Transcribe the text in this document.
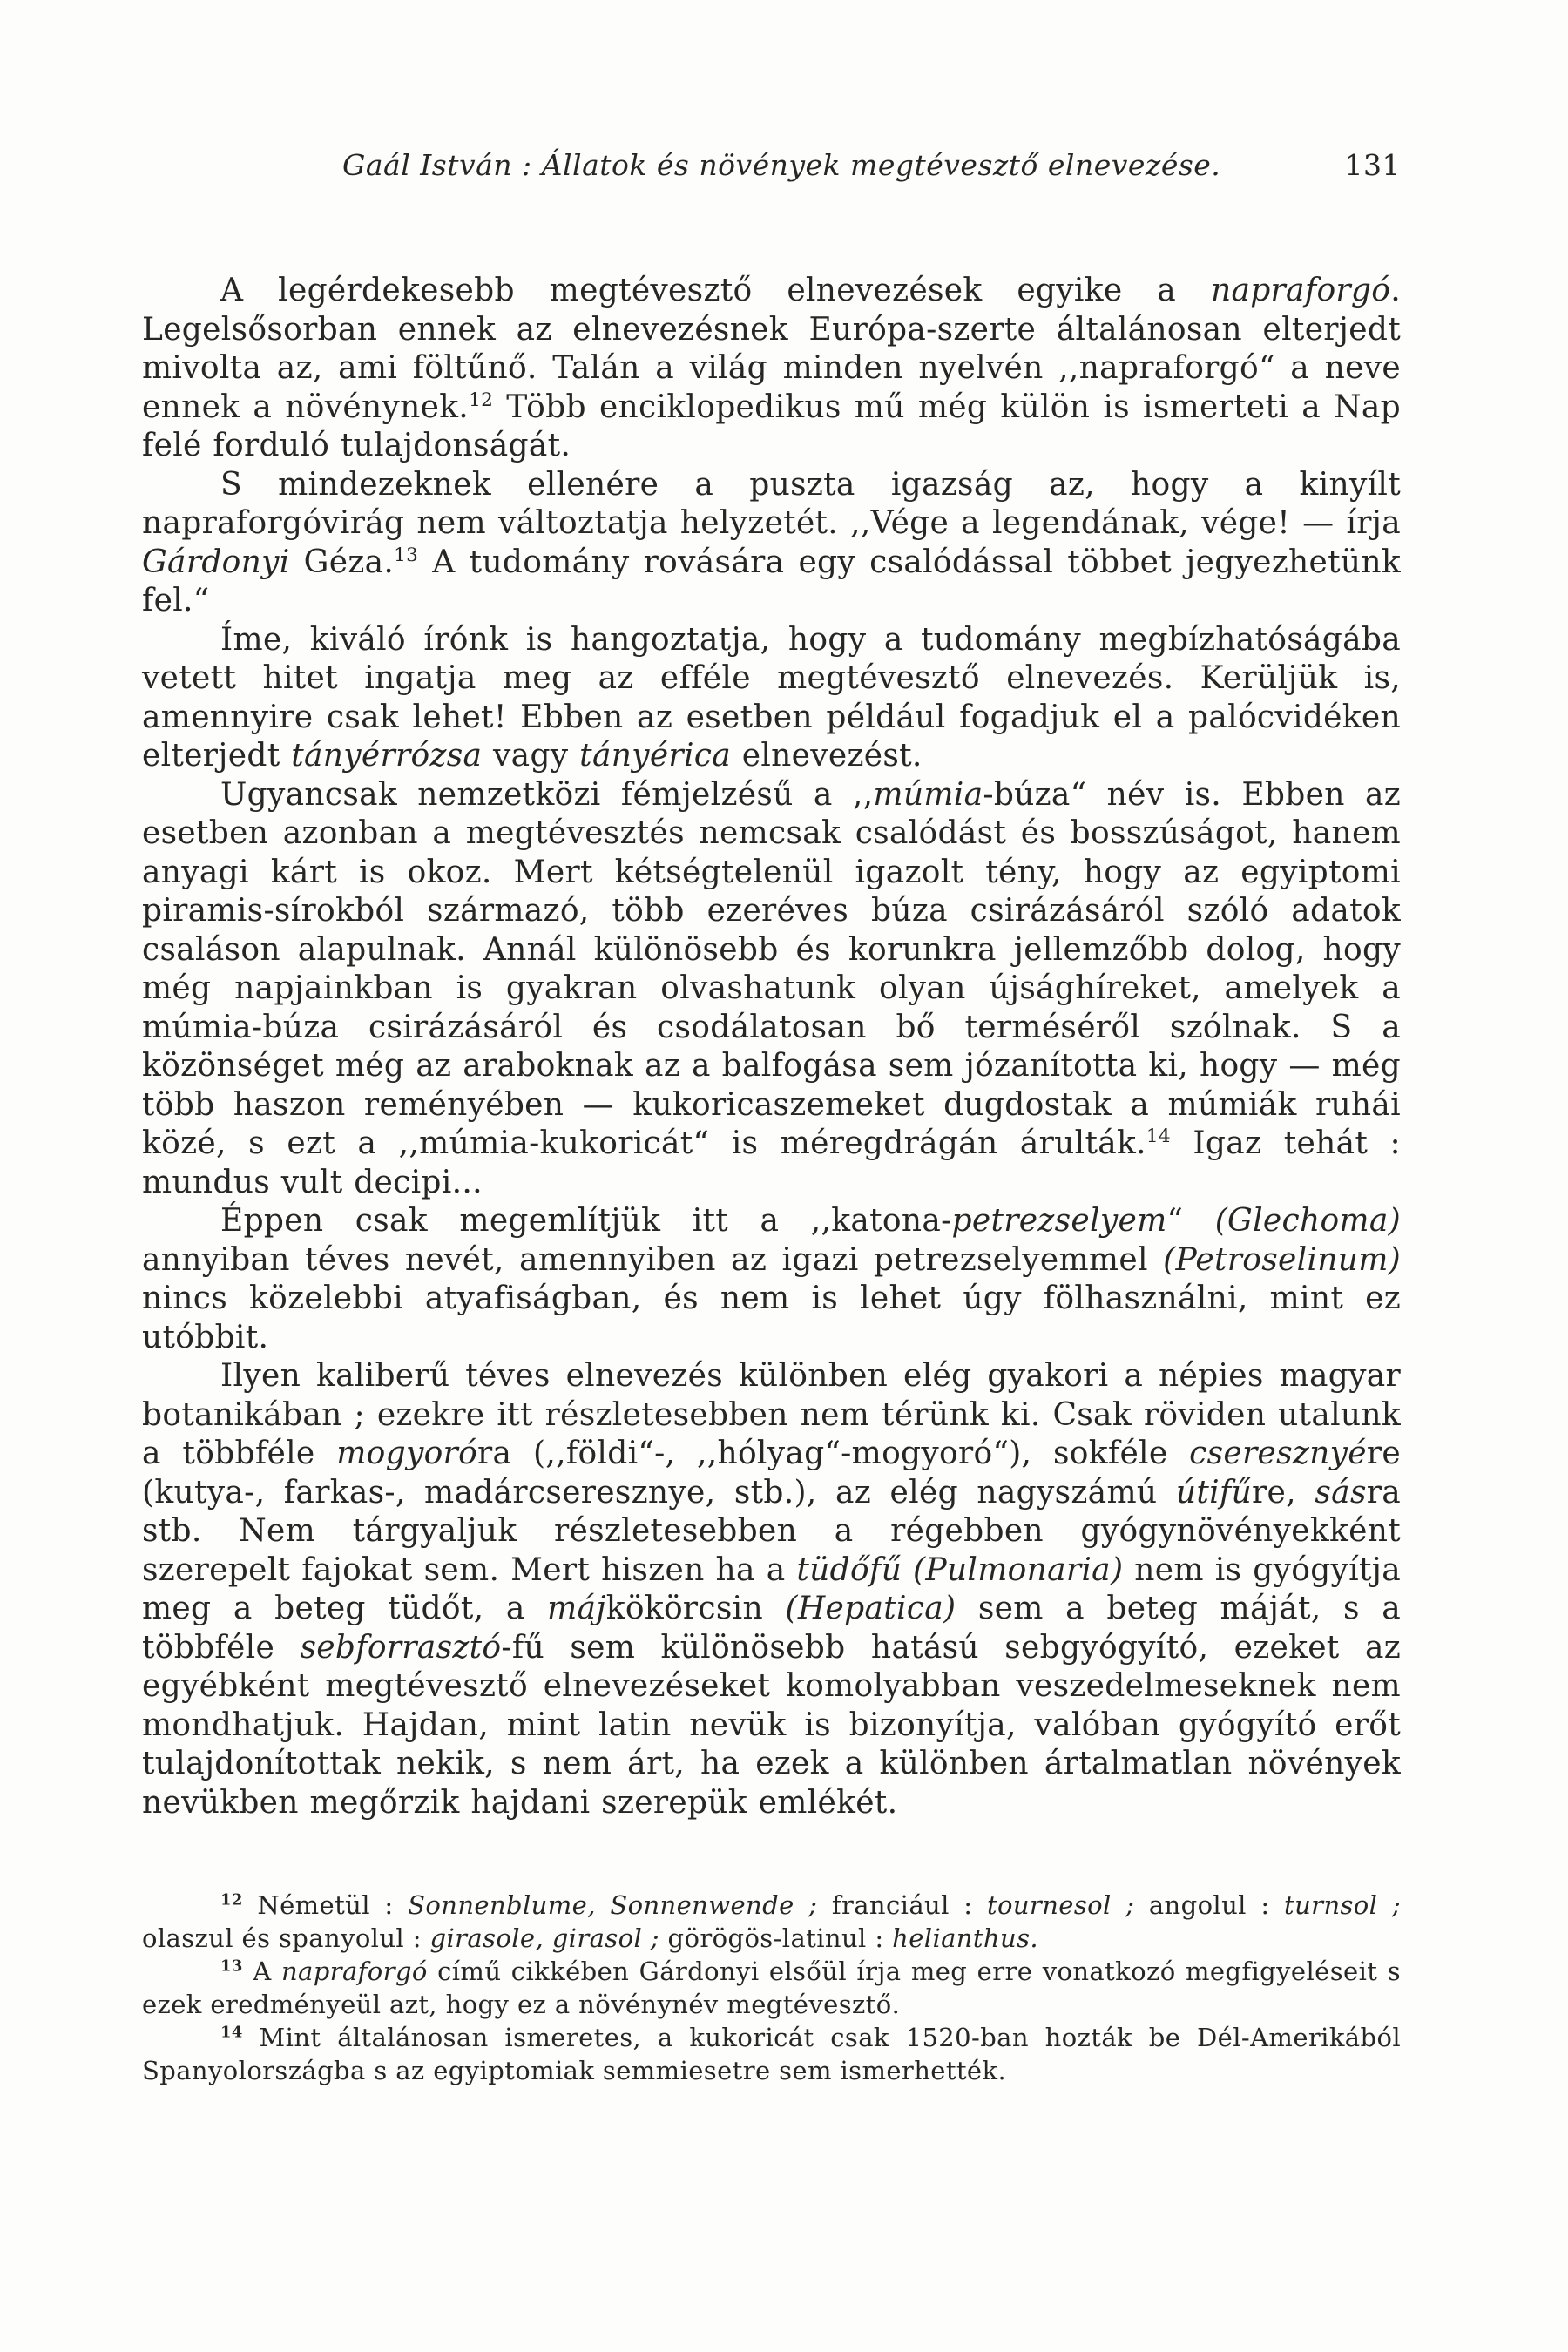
Gaál István : Állatok és növények megtévesztő elnevezése.	131

A legérdekesebb megtévesztő elnevezések egyike a napraforgó. Legelsősorban ennek az elnevezésnek Európa-szerte általánosan elterjedt mivolta az, ami föltűnő. Talán a világ minden nyelvén ,,napraforgó“ a neve ennek a növénynek.$^{12}$ Több enciklopedikus mű még külön is ismerteti a Nap felé forduló tulajdonságát.

S mindezeknek ellenére a puszta igazság az, hogy a kinyílt napraforgóvirág nem változtatja helyzetét. ,,Vége a legendának, vége! — írja Gárdonyi Géza.$^{13}$ A tudomány rovására egy csalódással többet jegyezhetünk fel.“

Íme, kiváló írónk is hangoztatja, hogy a tudomány megbízhatóságába vetett hitet ingatja meg az efféle megtévesztő elnevezés. Kerüljük is, amennyire csak lehet! Ebben az esetben például fogadjuk el a palócvidéken elterjedt tányérrózsa vagy tányérica elnevezést.

Ugyancsak nemzetközi fémjelzésű a ,,múmia-búza“ név is. Ebben az esetben azonban a megtévesztés nemcsak csalódást és bosszúságot, hanem anyagi kárt is okoz. Mert kétségtelenül igazolt tény, hogy az egyiptomi piramis-sírokból származó, több ezeréves búza csirázásáról szóló adatok csaláson alapulnak. Annál különösebb és korunkra jellemzőbb dolog, hogy még napjainkban is gyakran olvashatunk olyan újsághíreket, amelyek a múmia-búza csirázásáról és csodálatosan bő terméséről szólnak. S a közönséget még az araboknak az a balfogása sem józanította ki, hogy — még több haszon reményében — kukoricaszemeket dugdostak a múmiák ruhái közé, s ezt a ,,múmia-kukoricát“ is méregdrágán árulták.$^{14}$ Igaz tehát : mundus vult decipi...

Éppen csak megemlítjük itt a ,,katona-petrezselyem“ (Glechoma) annyiban téves nevét, amennyiben az igazi petrezselyemmel (Petroselinum) nincs közelebbi atyafiságban, és nem is lehet úgy fölhasználni, mint ez utóbbit.

Ilyen kaliberű téves elnevezés különben elég gyakori a népies magyar botanikában ; ezekre itt részletesebben nem térünk ki. Csak röviden utalunk a többféle mogyoróra (,,földi“-, ,,hólyag“-mogyoró“), sokféle cseresznyére (kutya-, farkas-, madárcseresznye, stb.), az elég nagyszámú útifűre, sásra stb. Nem tárgyaljuk részletesebben a régebben gyógynövényekként szerepelt fajokat sem. Mert hiszen ha a tüdőfű (Pulmonaria) nem is gyógyítja meg a beteg tüdőt, a májkökörcsin (Hepatica) sem a beteg máját, s a többféle sebforrasztó-fű sem különösebb hatású sebgyógyító, ezeket az egyébként megtévesztő elnevezéseket komolyabban veszedelmeseknek nem mondhatjuk. Hajdan, mint latin nevük is bizonyítja, valóban gyógyító erőt tulajdonítottak nekik, s nem árt, ha ezek a különben ártalmatlan növények nevükben megőrzik hajdani szerepük emlékét.

$^{12}$ Németül : Sonnenblume, Sonnenwende ; franciául : tournesol ; angolul : turnsol ; olaszul és spanyolul : girasole, girasol ; görögös-latinul : helianthus.

$^{13}$ A napraforgó című cikkében Gárdonyi elsőül írja meg erre vonatkozó megfigyeléseit s ezek eredményeül azt, hogy ez a növénynév megtévesztő.

$^{14}$ Mint általánosan ismeretes, a kukoricát csak 1520-ban hozták be Dél-Amerikából Spanyolországba s az egyiptomiak semmiesetre sem ismerhették.
